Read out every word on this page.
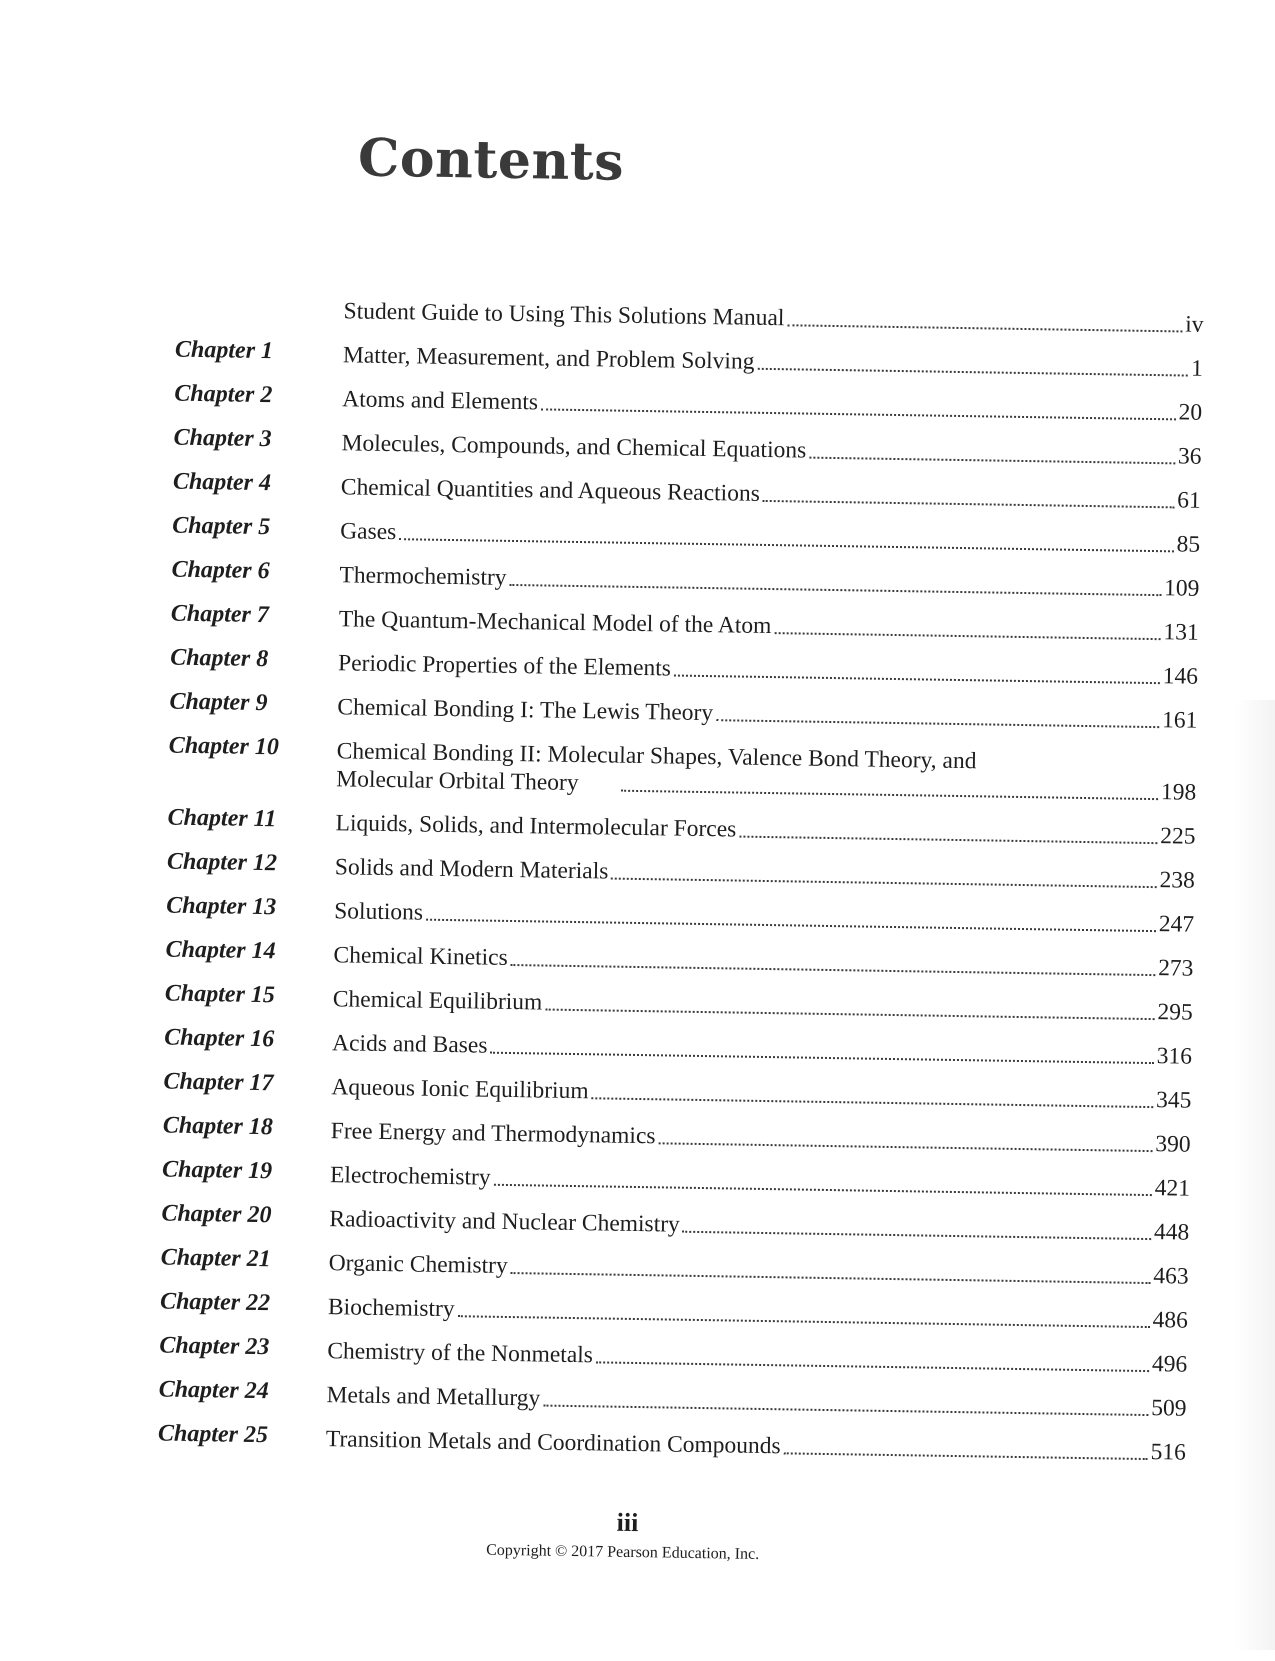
Contents
Student Guide to Using This Solutions Manual	iv
Chapter 1	Matter, Measurement, and Problem Solving	1
Chapter 2	Atoms and Elements	20
Chapter 3	Molecules, Compounds, and Chemical Equations	36
Chapter 4	Chemical Quantities and Aqueous Reactions	61
Chapter 5	Gases	85
Chapter 6	Thermochemistry	109
Chapter 7	The Quantum-Mechanical Model of the Atom	131
Chapter 8	Periodic Properties of the Elements	146
Chapter 9	Chemical Bonding I: The Lewis Theory	161
Chapter 10	Chemical Bonding II: Molecular Shapes, Valence Bond Theory, and Molecular Orbital Theory	198
Chapter 11	Liquids, Solids, and Intermolecular Forces	225
Chapter 12	Solids and Modern Materials	238
Chapter 13	Solutions	247
Chapter 14	Chemical Kinetics	273
Chapter 15	Chemical Equilibrium	295
Chapter 16	Acids and Bases	316
Chapter 17	Aqueous Ionic Equilibrium	345
Chapter 18	Free Energy and Thermodynamics	390
Chapter 19	Electrochemistry	421
Chapter 20	Radioactivity and Nuclear Chemistry	448
Chapter 21	Organic Chemistry	463
Chapter 22	Biochemistry	486
Chapter 23	Chemistry of the Nonmetals	496
Chapter 24	Metals and Metallurgy	509
Chapter 25	Transition Metals and Coordination Compounds	516
iii
Copyright © 2017 Pearson Education, Inc.
